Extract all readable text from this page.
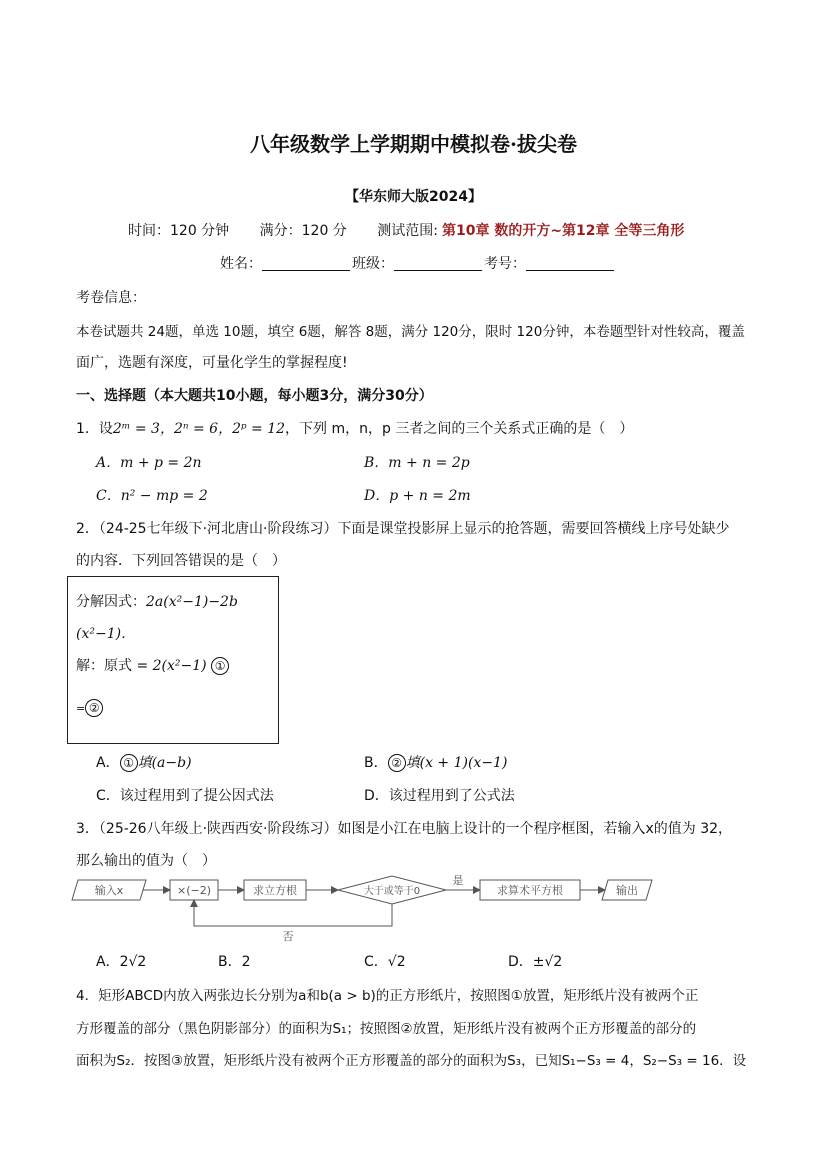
八年级数学上学期期中模拟卷·拔尖卷
【华东师大版2024】
时间：120 分钟 满分：120 分 测试范围: 第10章 数的开方~第12章 全等三角形
姓名：	班级：	考号：
考卷信息：
本卷试题共 24题，单选 10题，填空 6题，解答 8题，满分 120分，限时 120分钟，本卷题型针对性较高，覆盖
面广，选题有深度，可量化学生的掌握程度!
一、选择题（本大题共10小题，每小题3分，满分30分）
1．设2ᵐ = 3，2ⁿ = 6，2ᵖ = 12，下列 m，n，p 三者之间的三个关系式正确的是（　）
A．m + p = 2n	B．m + n = 2p
C．n² − mp = 2	D．p + n = 2m
2．（24-25七年级下·河北唐山·阶段练习）下面是课堂投影屏上显示的抢答题，需要回答横线上序号处缺少
的内容．下列回答错误的是（　）
分解因式：2a(x²−1)−2b
(x²−1)．
解：原式 = 2(x²−1) ①
= ②
A． ① 填(a−b)	B． ② 填(x + 1)(x−1)
C．该过程用到了提公因式法	D．该过程用到了公式法
3．（25-26八年级上·陕西西安·阶段练习）如图是小江在电脑上设计的一个程序框图，若输入x的值为 32，
那么输出的值为（　）
输入x	×(−2)	求立方根	大于或等于0
是
求算术平方根	输出
否
A．2√2	B．2	C．√2	D．±√2
4．矩形ABCD内放入两张边长分别为a和b(a > b)的正方形纸片，按照图①放置，矩形纸片没有被两个正
方形覆盖的部分（黑色阴影部分）的面积为S₁；按照图②放置，矩形纸片没有被两个正方形覆盖的部分的
面积为S₂．按图③放置，矩形纸片没有被两个正方形覆盖的部分的面积为S₃，已知S₁−S₃ = 4，S₂−S₃ = 16．设
